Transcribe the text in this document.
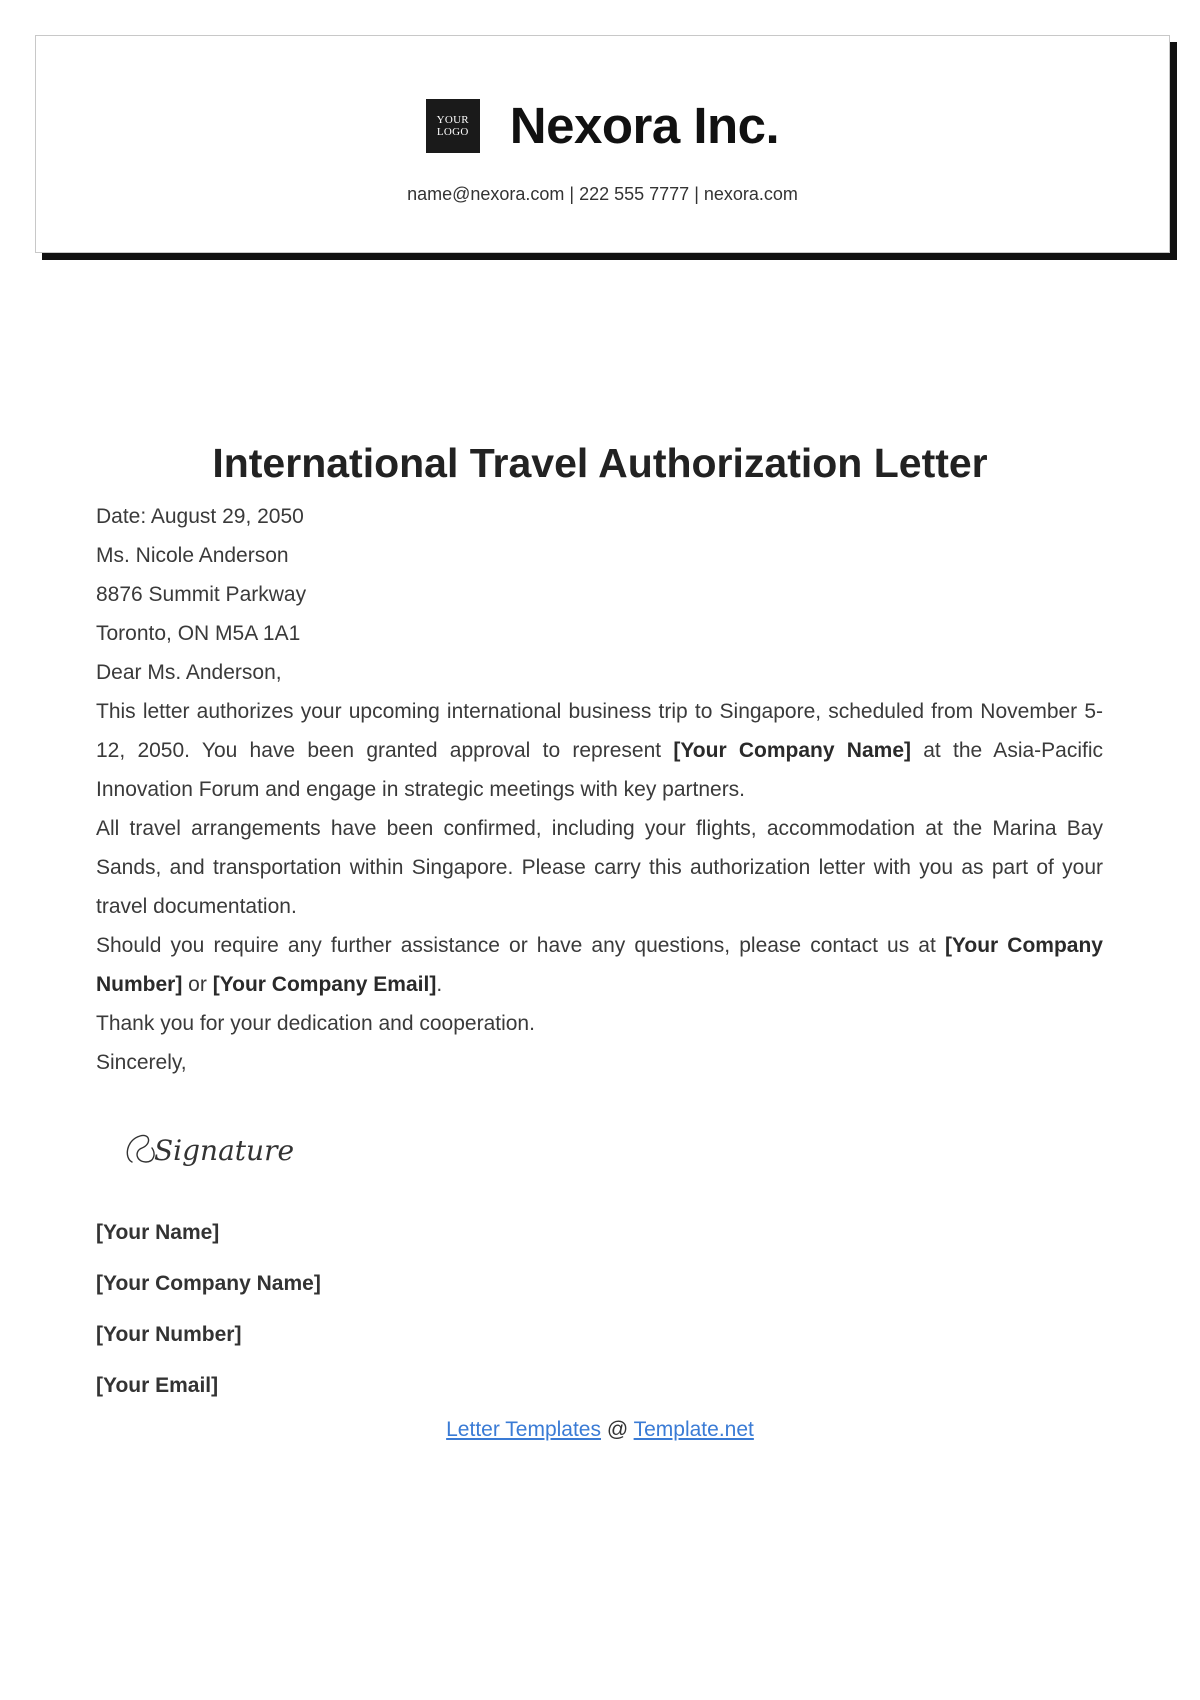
YOUR
LOGO Nexora Inc.
name@nexora.com | 222 555 7777 | nexora.com
International Travel Authorization Letter

Date: August 29, 2050

Ms. Nicole Anderson

8876 Summit Parkway

Toronto, ON M5A 1A1

Dear Ms. Anderson,

This letter authorizes your upcoming international business trip to Singapore, scheduled from November 5-12, 2050. You have been granted approval to represent [Your Company Name] at the Asia-Pacific Innovation Forum and engage in strategic meetings with key partners.

All travel arrangements have been confirmed, including your flights, accommodation at the Marina Bay Sands, and transportation within Singapore. Please carry this authorization letter with you as part of your travel documentation.

Should you require any further assistance or have any questions, please contact us at [Your Company Number] or [Your Company Email].

Thank you for your dedication and cooperation.

Sincerely,

Signature
[Your Name]
[Your Company Name]
[Your Number]
[Your Email]
Letter Templates @ Template.net
